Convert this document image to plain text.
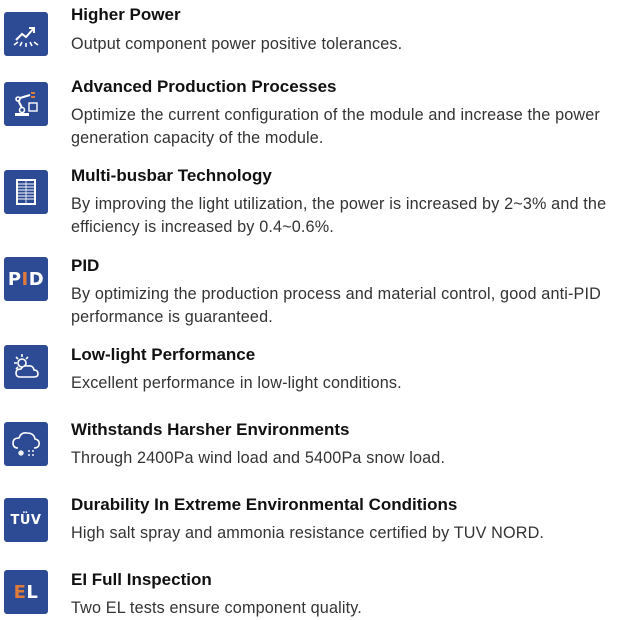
Higher Power
Output component power positive tolerances.
Advanced Production Processes
Optimize the current configuration of the module and increase the power generation capacity of the module.
Multi-busbar Technology
By improving the light utilization, the power is increased by 2~3% and the efficiency is increased by 0.4~0.6%.
PID
PID
By optimizing the production process and material control, good anti-PID performance is guaranteed.
Low-light Performance
Excellent performance in low-light conditions.
Withstands Harsher Environments
Through 2400Pa wind load and 5400Pa snow load.
TÜV
Durability In Extreme Environmental Conditions
High salt spray and ammonia resistance certified by TUV NORD.
EL
EI Full Inspection
Two EL tests ensure component quality.
